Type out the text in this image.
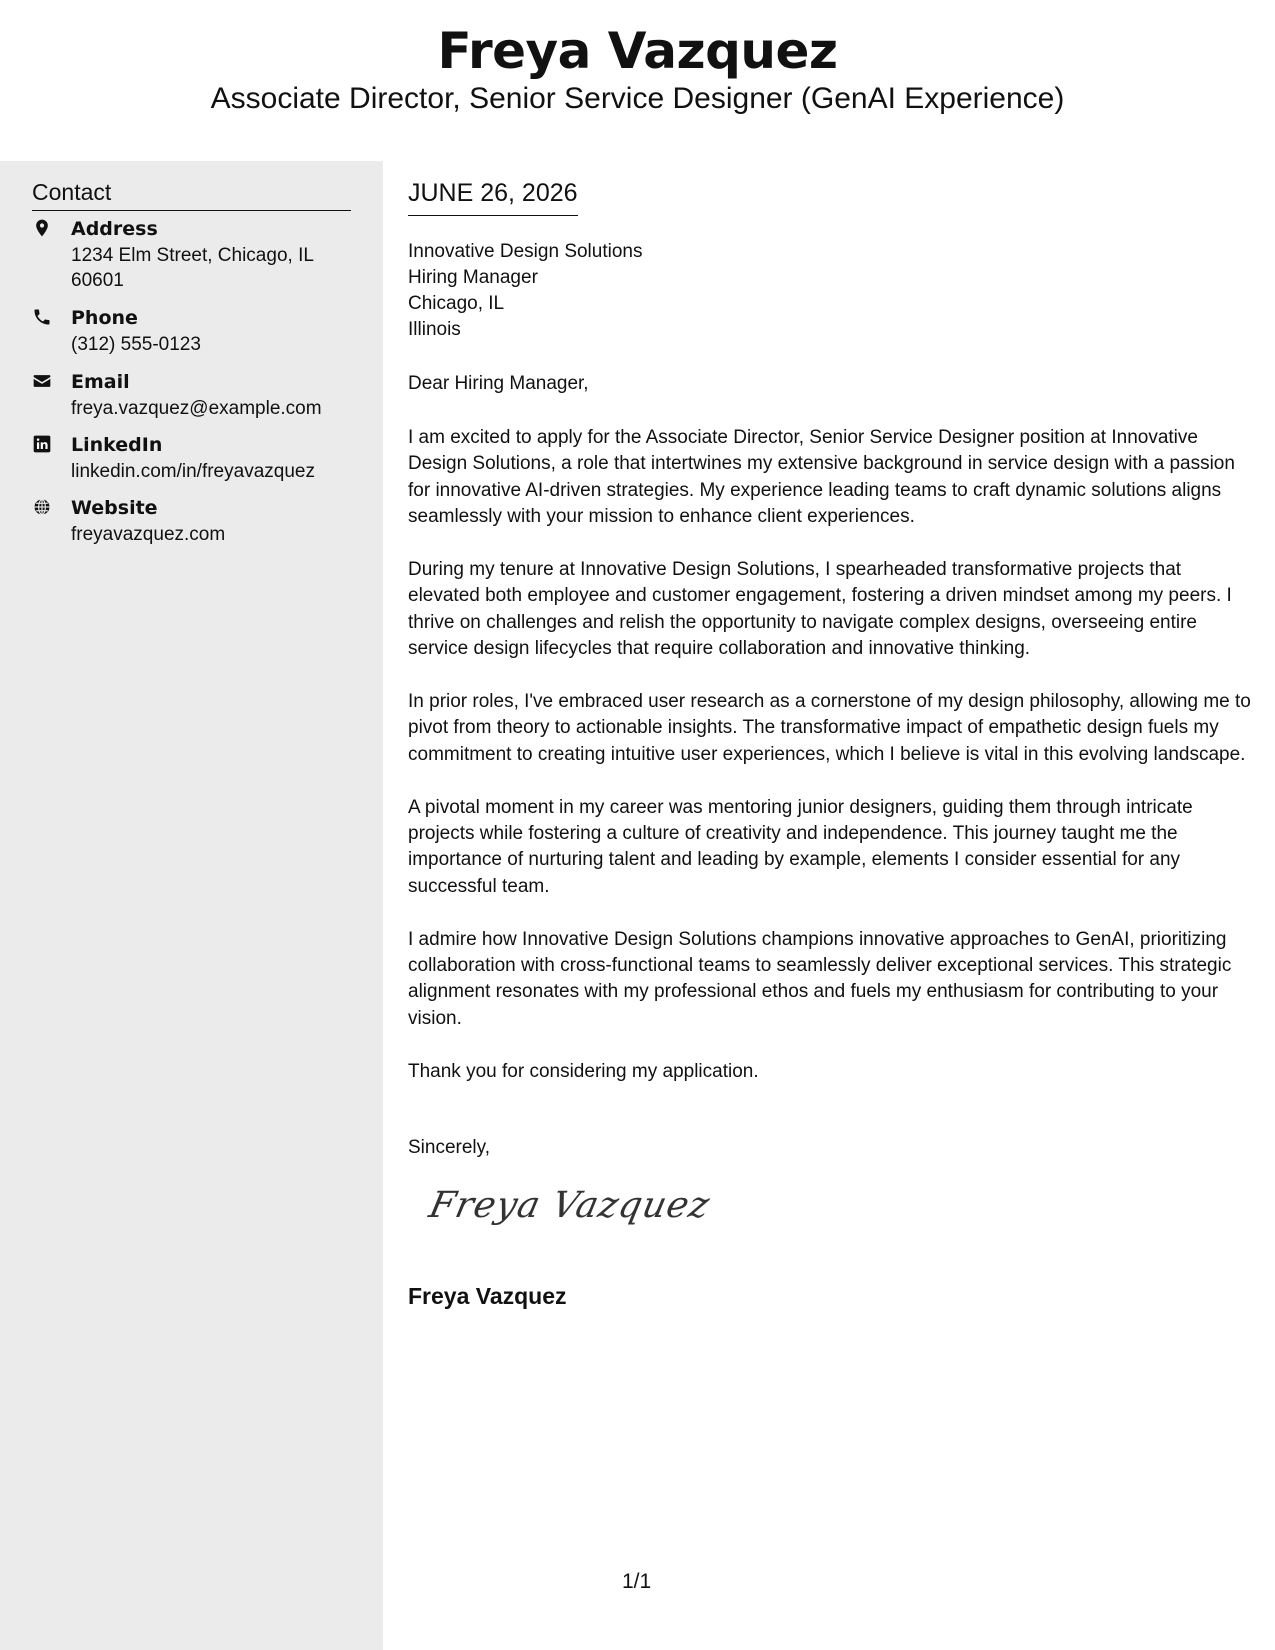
Freya Vazquez
Associate Director, Senior Service Designer (GenAI Experience)
Contact
Address
1234 Elm Street, Chicago, IL 60601
Phone
(312) 555-0123
Email
freya.vazquez@example.com
LinkedIn
linkedin.com/in/freyavazquez
Website
freyavazquez.com
JUNE 26, 2026
Innovative Design Solutions
Hiring Manager
Chicago, IL
Illinois
Dear Hiring Manager,

I am excited to apply for the Associate Director, Senior Service Designer position at Innovative Design Solutions, a role that intertwines my extensive background in service design with a passion for innovative AI-driven strategies. My experience leading teams to craft dynamic solutions aligns seamlessly with your mission to enhance client experiences.

During my tenure at Innovative Design Solutions, I spearheaded transformative projects that elevated both employee and customer engagement, fostering a driven mindset among my peers. I thrive on challenges and relish the opportunity to navigate complex designs, overseeing entire service design lifecycles that require collaboration and innovative thinking.

In prior roles, I've embraced user research as a cornerstone of my design philosophy, allowing me to pivot from theory to actionable insights. The transformative impact of empathetic design fuels my commitment to creating intuitive user experiences, which I believe is vital in this evolving landscape.

A pivotal moment in my career was mentoring junior designers, guiding them through intricate projects while fostering a culture of creativity and independence. This journey taught me the importance of nurturing talent and leading by example, elements I consider essential for any successful team.

I admire how Innovative Design Solutions champions innovative approaches to GenAI, prioritizing collaboration with cross-functional teams to seamlessly deliver exceptional services. This strategic alignment resonates with my professional ethos and fuels my enthusiasm for contributing to your vision.

Thank you for considering my application.

Sincerely,
Freya Vazquez
Freya Vazquez
1/1
